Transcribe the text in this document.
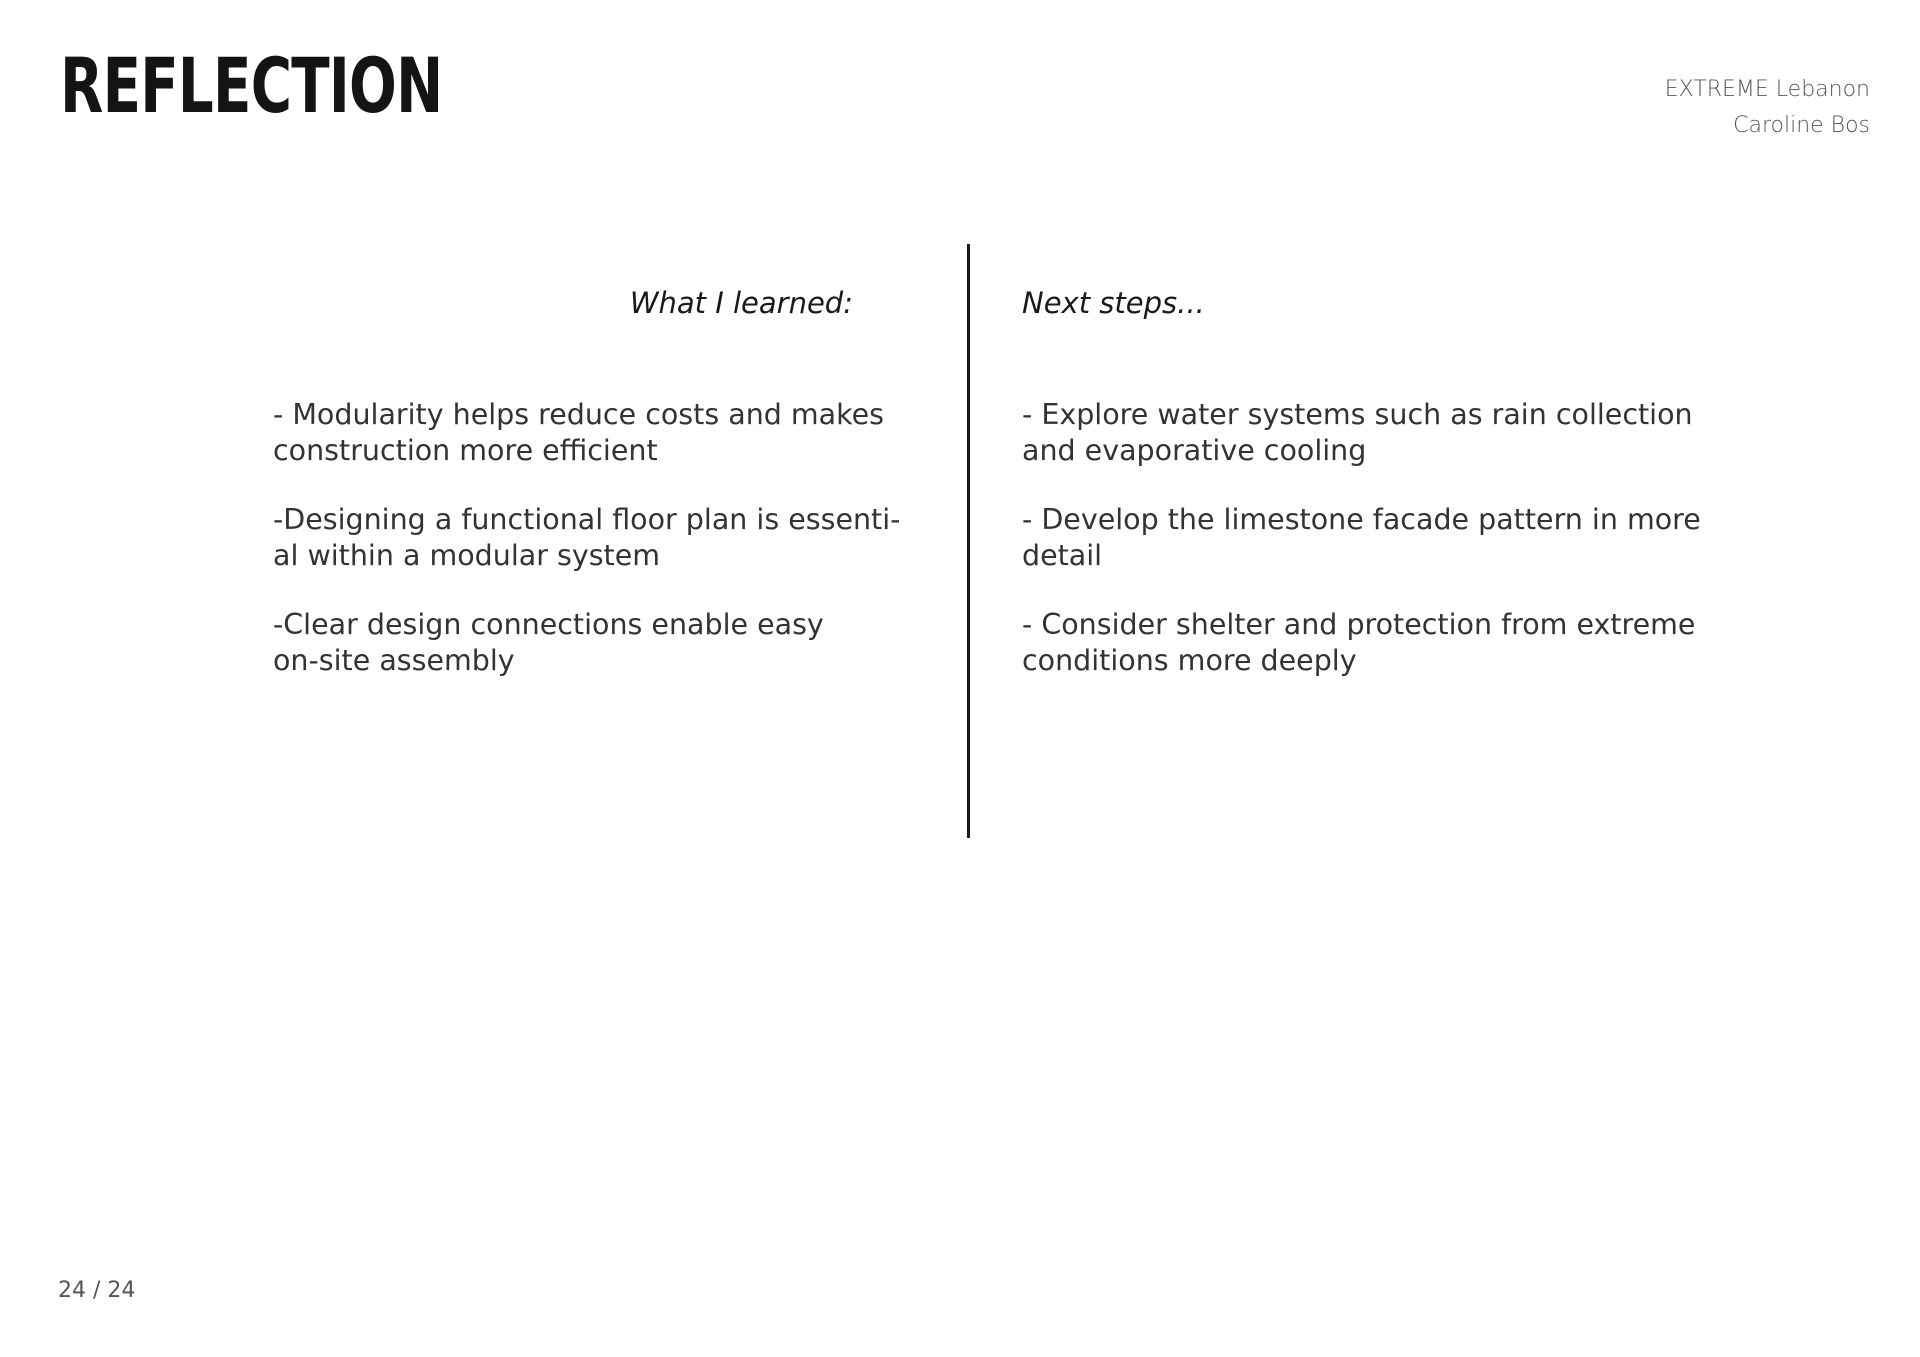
REFLECTION	EXTREME Lebanon
Caroline Bos
What I learned:
- Modularity helps reduce costs and makes
construction more efficient
-Designing a functional floor plan is essenti-
al within a modular system
-Clear design connections enable easy
on-site assembly
Next steps...
- Explore water systems such as rain collection
and evaporative cooling
- Develop the limestone facade pattern in more
detail
- Consider shelter and protection from extreme
conditions more deeply
24 / 24
